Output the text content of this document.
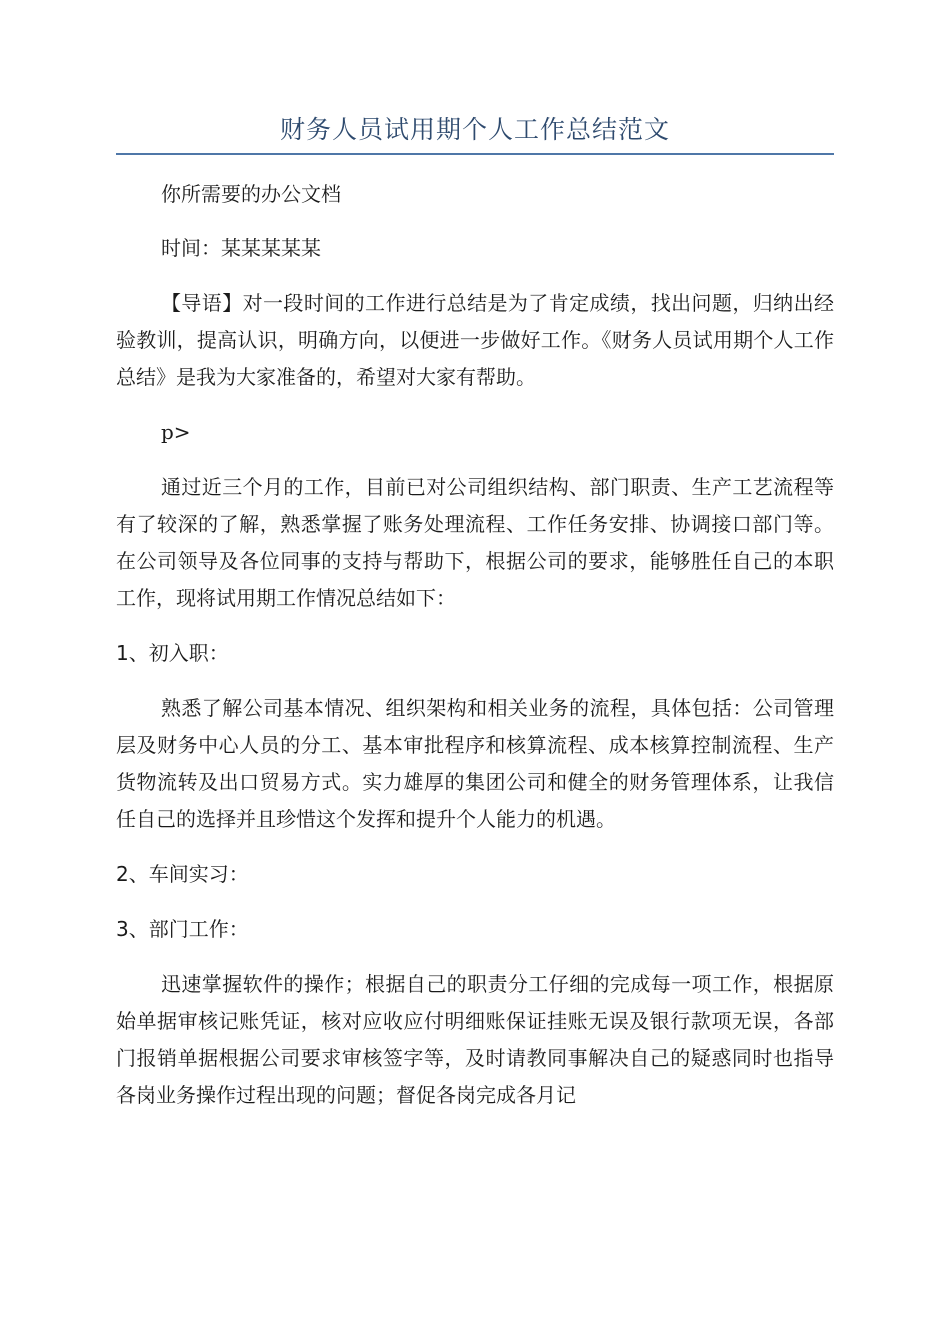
财务人员试用期个人工作总结范文

你所需要的办公文档

时间：某某某某某

【导语】对一段时间的工作进行总结是为了肯定成绩，找出问题，归纳出经验教训，提高认识，明确方向，以便进一步做好工作。《财务人员试用期个人工作总结》是我为大家准备的，希望对大家有帮助。

p>

通过近三个月的工作，目前已对公司组织结构、部门职责、生产工艺流程等有了较深的了解，熟悉掌握了账务处理流程、工作任务安排、协调接口部门等。在公司领导及各位同事的支持与帮助下，根据公司的要求，能够胜任自己的本职工作，现将试用期工作情况总结如下：

1、初入职：

熟悉了解公司基本情况、组织架构和相关业务的流程，具体包括：公司管理层及财务中心人员的分工、基本审批程序和核算流程、成本核算控制流程、生产货物流转及出口贸易方式。实力雄厚的集团公司和健全的财务管理体系，让我信任自己的选择并且珍惜这个发挥和提升个人能力的机遇。

2、车间实习：

3、部门工作：

迅速掌握软件的操作；根据自己的职责分工仔细的完成每一项工作，根据原始单据审核记账凭证，核对应收应付明细账保证挂账无误及银行款项无误，各部门报销单据根据公司要求审核签字等，及时请教同事解决自己的疑惑同时也指导各岗业务操作过程出现的问题；督促各岗完成各月记
